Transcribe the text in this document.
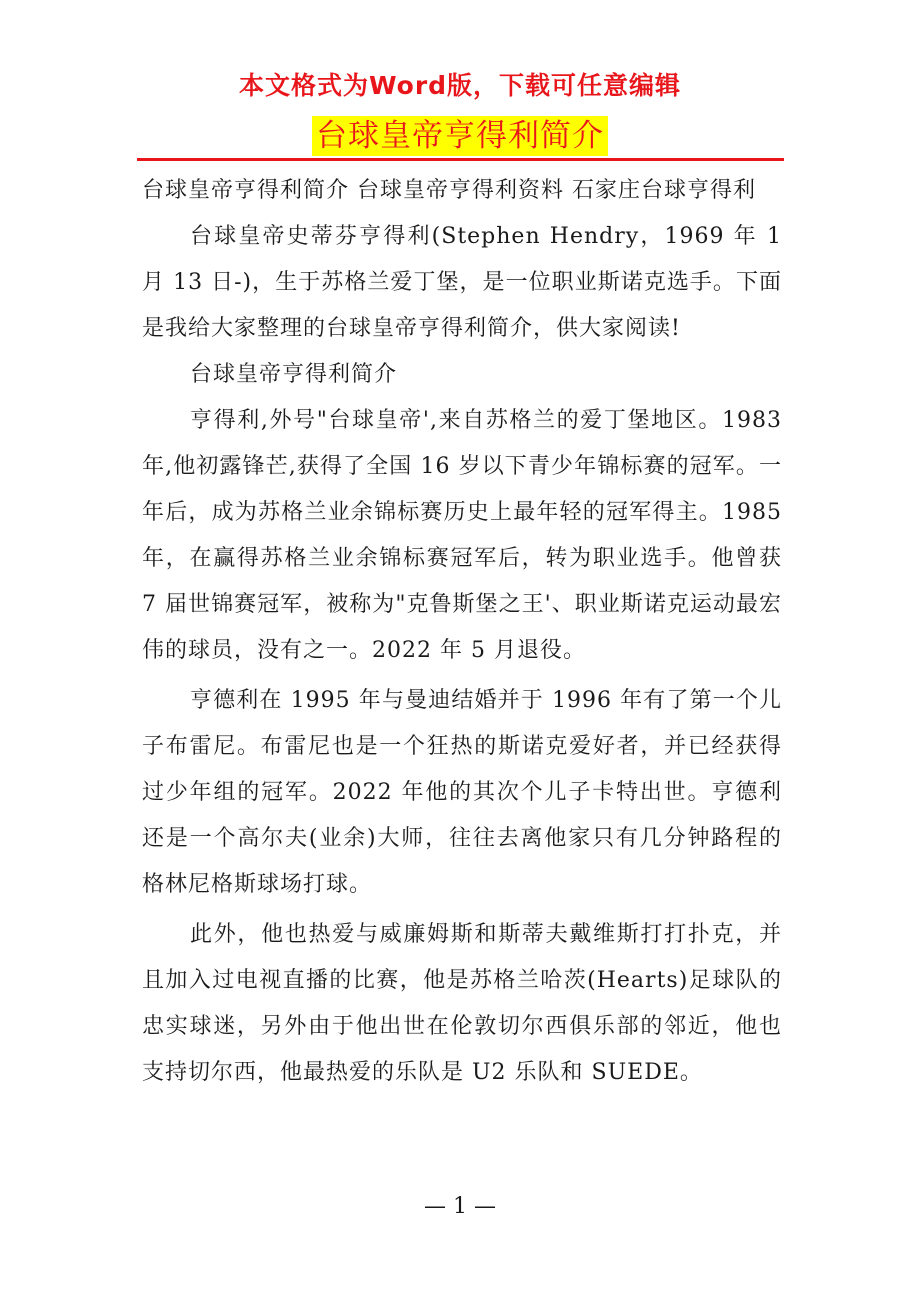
本文格式为Word版，下载可任意编辑
台球皇帝亨得利简介

台球皇帝亨得利简介 台球皇帝亨得利资料 石家庄台球亨得利

台球皇帝史蒂芬亨得利(Stephen Hendry，1969 年 1 月 13 日-)，生于苏格兰爱丁堡，是一位职业斯诺克选手。下面是我给大家整理的台球皇帝亨得利简介，供大家阅读!

台球皇帝亨得利简介

亨得利,外号"台球皇帝',来自苏格兰的爱丁堡地区。1983年,他初露锋芒,获得了全国 16 岁以下青少年锦标赛的冠军。一年后，成为苏格兰业余锦标赛历史上最年轻的冠军得主。1985 年，在赢得苏格兰业余锦标赛冠军后，转为职业选手。他曾获 7 届世锦赛冠军，被称为"克鲁斯堡之王'、职业斯诺克运动最宏伟的球员，没有之一。2022 年 5 月退役。

亨德利在 1995 年与曼迪结婚并于 1996 年有了第一个儿子布雷尼。布雷尼也是一个狂热的斯诺克爱好者，并已经获得过少年组的冠军。2022 年他的其次个儿子卡特出世。亨德利还是一个高尔夫(业余)大师，往往去离他家只有几分钟路程的格林尼格斯球场打球。

此外，他也热爱与威廉姆斯和斯蒂夫戴维斯打打扑克，并且加入过电视直播的比赛，他是苏格兰哈茨(Hearts)足球队的忠实球迷，另外由于他出世在伦敦切尔西俱乐部的邻近，他也支持切尔西，他最热爱的乐队是 U2 乐队和 SUEDE。

— 1 —
